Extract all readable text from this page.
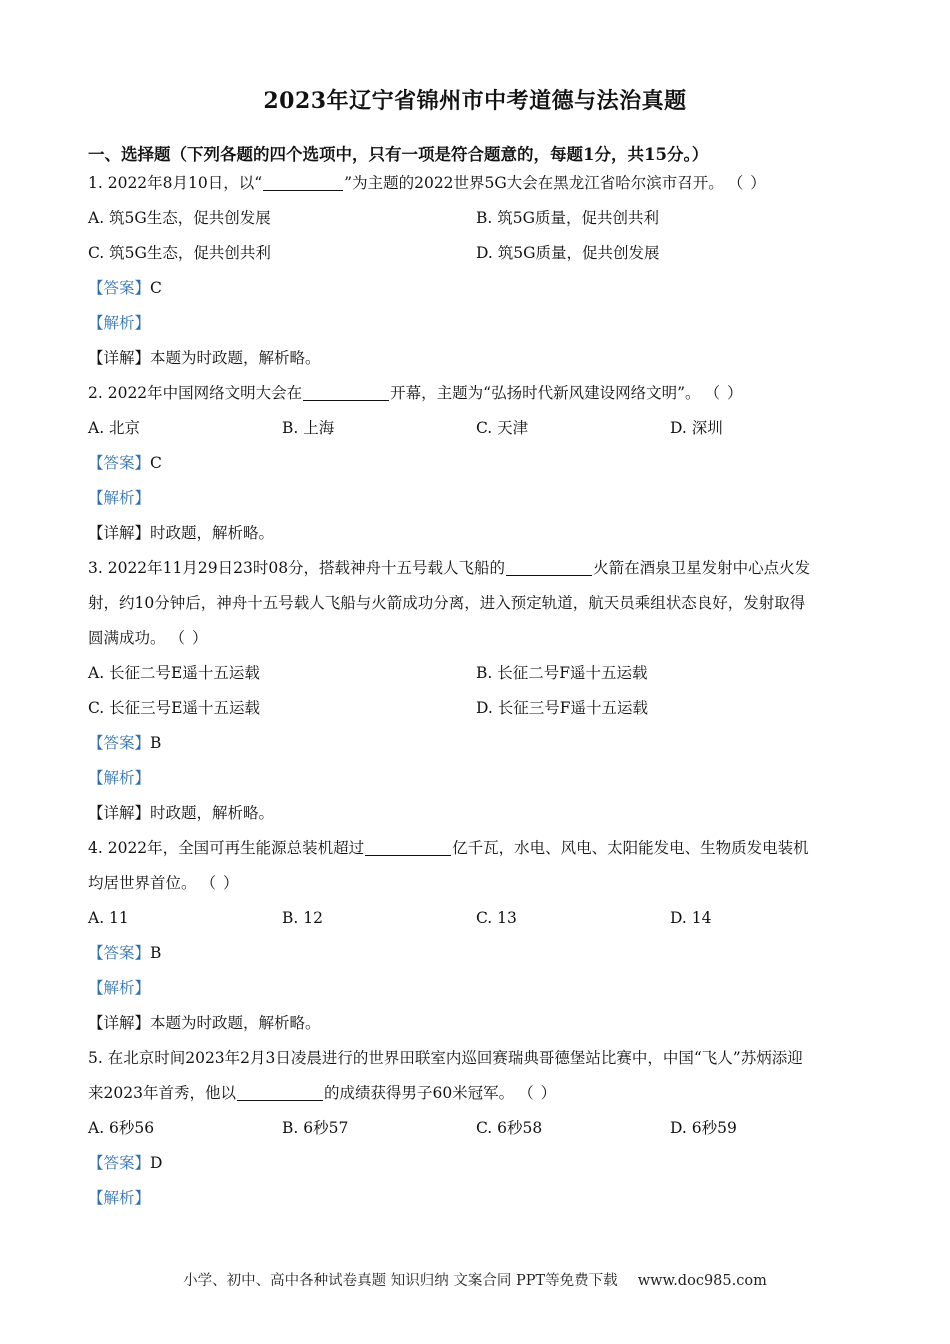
2023年辽宁省锦州市中考道德与法治真题
一、选择题（下列各题的四个选项中，只有一项是符合题意的，每题1分，共15分。）
1. 2022年8月10日，以“	”为主题的2022世界5G大会在黑龙江省哈尔滨市召开。 （ ）
A. 筑5G生态，促共创发展	B. 筑5G质量，促共创共利
C. 筑5G生态，促共创共利	D. 筑5G质量，促共创发展
【答案】C
【解析】
【详解】本题为时政题，解析略。
2. 2022年中国网络文明大会在	开幕，主题为“弘扬时代新风建设网络文明”。 （ ）
A. 北京	B. 上海	C. 天津	D. 深圳
【答案】C
【解析】
【详解】时政题，解析略。
3. 2022年11月29日23时08分，搭载神舟十五号载人飞船的	火箭在酒泉卫星发射中心点火发
射，约10分钟后，神舟十五号载人飞船与火箭成功分离，进入预定轨道，航天员乘组状态良好，发射取得
圆满成功。 （ ）
A. 长征二号E遥十五运载	B. 长征二号F遥十五运载
C. 长征三号E遥十五运载	D. 长征三号F遥十五运载
【答案】B
【解析】
【详解】时政题，解析略。
4. 2022年，全国可再生能源总装机超过	亿千瓦，水电、风电、太阳能发电、生物质发电装机
均居世界首位。 （ ）
A. 11	B. 12	C. 13	D. 14
【答案】B
【解析】
【详解】本题为时政题，解析略。
5. 在北京时间2023年2月3日凌晨进行的世界田联室内巡回赛瑞典哥德堡站比赛中，中国“飞人”苏炳添迎
来2023年首秀，他以	的成绩获得男子60米冠军。 （ ）
A. 6秒56	B. 6秒57	C. 6秒58	D. 6秒59
【答案】D
【解析】
小学、初中、高中各种试卷真题 知识归纳 文案合同 PPT等免费下载 www.doc985.com
